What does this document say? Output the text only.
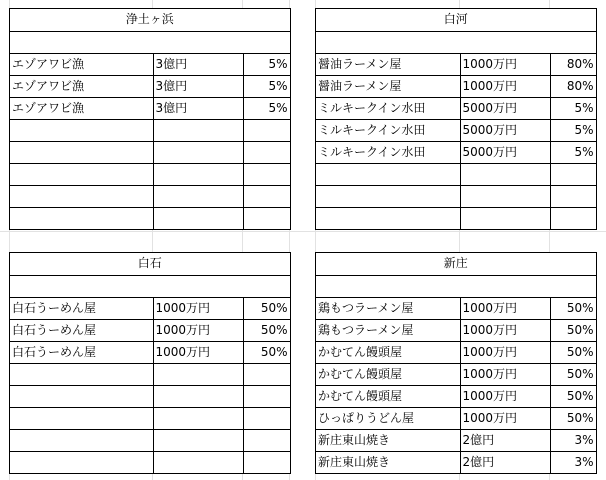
浄土ヶ浜		

エゾアワビ漁	3億円	5%
エゾアワビ漁	3億円	5%
エゾアワビ漁	3億円	5%

白河		

醤油ラーメン屋	1000万円	80%
醤油ラーメン屋	1000万円	80%
ミルキークイン水田	5000万円	5%
ミルキークイン水田	5000万円	5%
ミルキークイン水田	5000万円	5%

白石		

白石うーめん屋	1000万円	50%
白石うーめん屋	1000万円	50%
白石うーめん屋	1000万円	50%

新庄		

鶏もつラーメン屋	1000万円	50%
鶏もつラーメン屋	1000万円	50%
かむてん饅頭屋	1000万円	50%
かむてん饅頭屋	1000万円	50%
かむてん饅頭屋	1000万円	50%
ひっぱりうどん屋	1000万円	50%
新庄東山焼き	2億円	3%
新庄東山焼き	2億円	3%
